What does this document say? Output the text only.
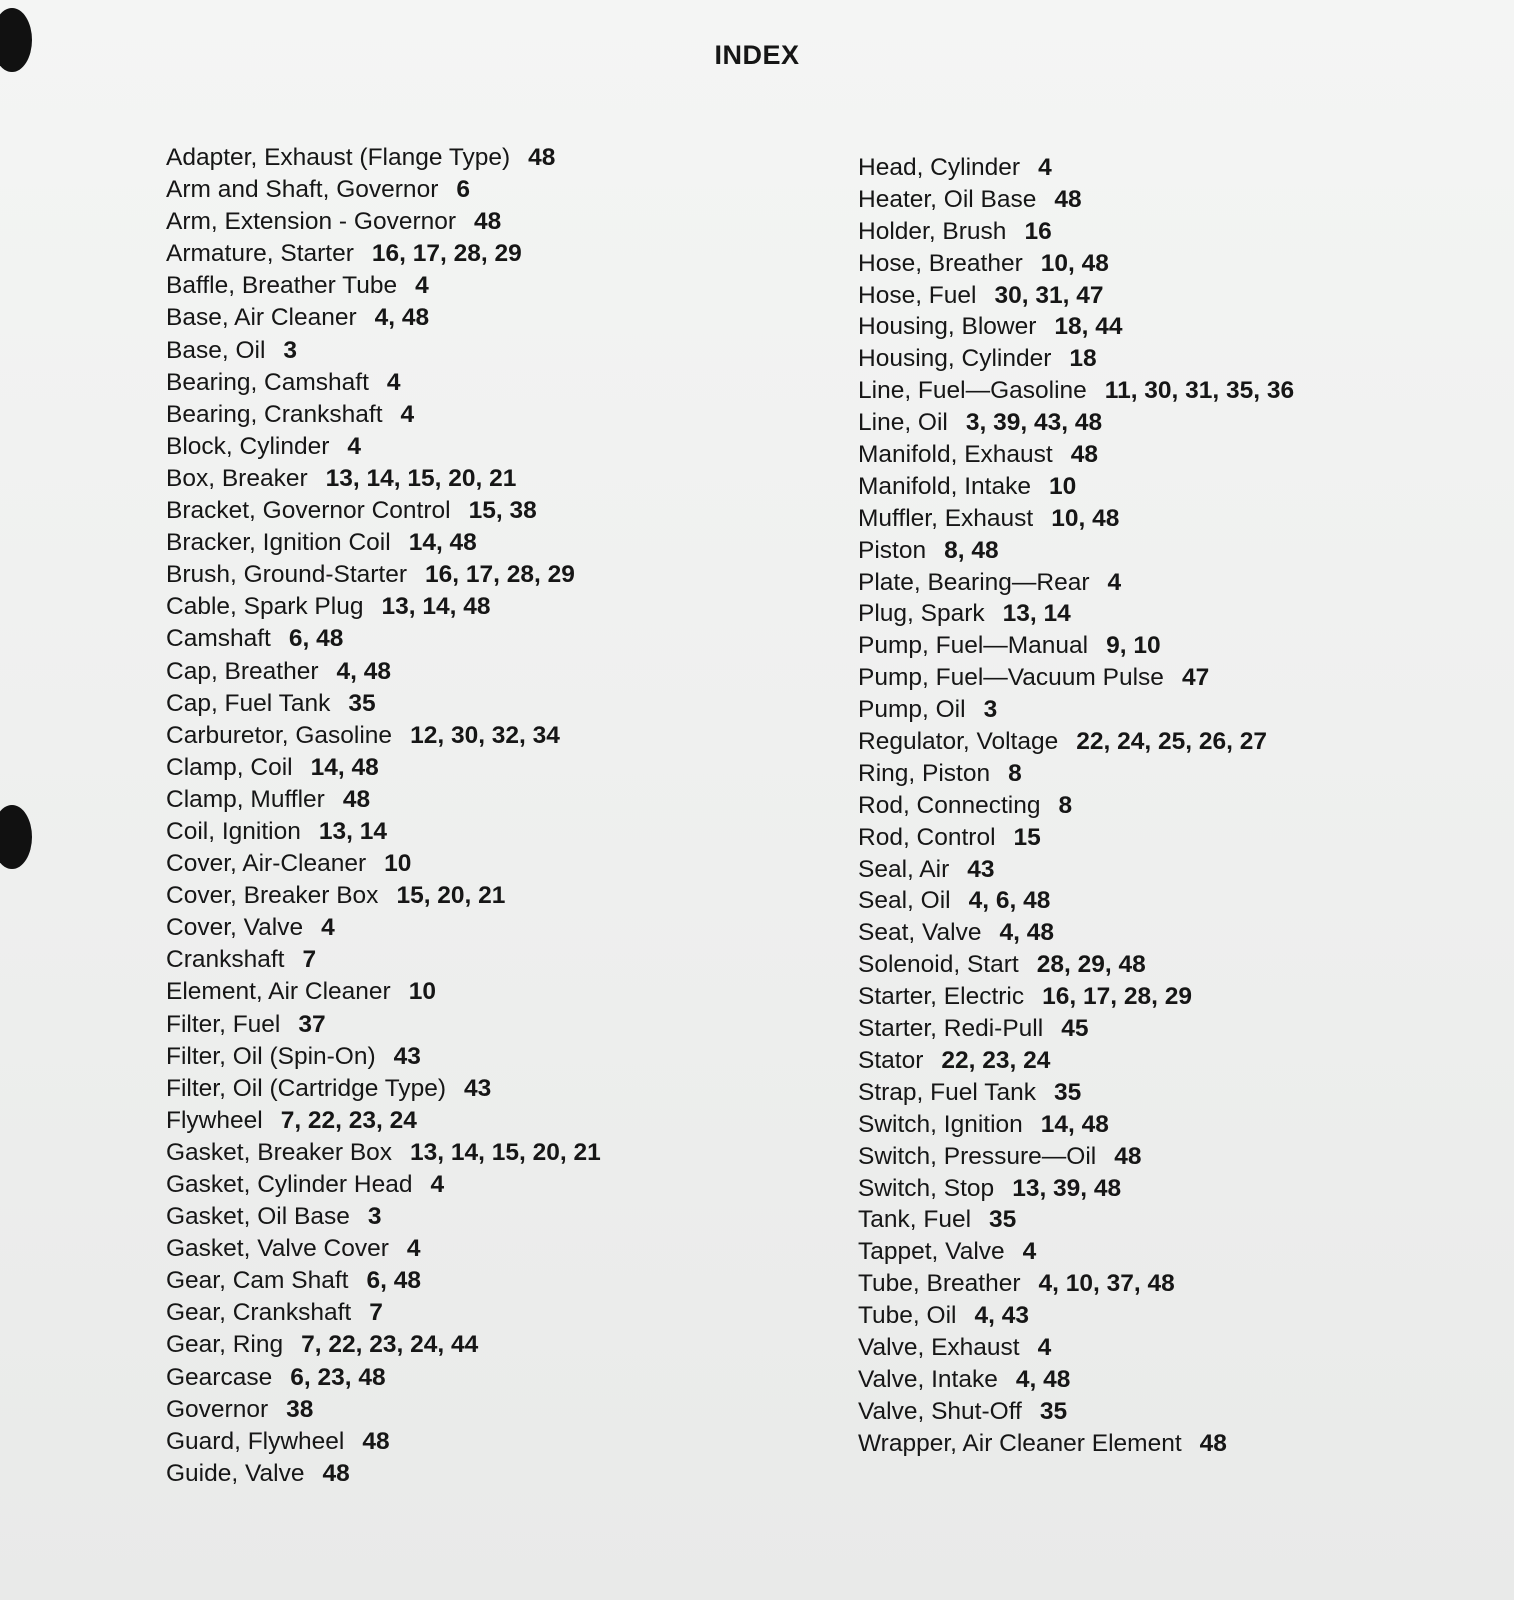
INDEX
Adapter, Exhaust (Flange Type) 48
Arm and Shaft, Governor 6
Arm, Extension - Governor 48
Armature, Starter 16, 17, 28, 29
Baffle, Breather Tube 4
Base, Air Cleaner 4, 48
Base, Oil 3
Bearing, Camshaft 4
Bearing, Crankshaft 4
Block, Cylinder 4
Box, Breaker 13, 14, 15, 20, 21
Bracket, Governor Control 15, 38
Bracker, Ignition Coil 14, 48
Brush, Ground-Starter 16, 17, 28, 29
Cable, Spark Plug 13, 14, 48
Camshaft 6, 48
Cap, Breather 4, 48
Cap, Fuel Tank 35
Carburetor, Gasoline 12, 30, 32, 34
Clamp, Coil 14, 48
Clamp, Muffler 48
Coil, Ignition 13, 14
Cover, Air-Cleaner 10
Cover, Breaker Box 15, 20, 21
Cover, Valve 4
Crankshaft 7
Element, Air Cleaner 10
Filter, Fuel 37
Filter, Oil (Spin-On) 43
Filter, Oil (Cartridge Type) 43
Flywheel 7, 22, 23, 24
Gasket, Breaker Box 13, 14, 15, 20, 21
Gasket, Cylinder Head 4
Gasket, Oil Base 3
Gasket, Valve Cover 4
Gear, Cam Shaft 6, 48
Gear, Crankshaft 7
Gear, Ring 7, 22, 23, 24, 44
Gearcase 6, 23, 48
Governor 38
Guard, Flywheel 48
Guide, Valve 48
Head, Cylinder 4
Heater, Oil Base 48
Holder, Brush 16
Hose, Breather 10, 48
Hose, Fuel 30, 31, 47
Housing, Blower 18, 44
Housing, Cylinder 18
Line, Fuel—Gasoline 11, 30, 31, 35, 36
Line, Oil 3, 39, 43, 48
Manifold, Exhaust 48
Manifold, Intake 10
Muffler, Exhaust 10, 48
Piston 8, 48
Plate, Bearing—Rear 4
Plug, Spark 13, 14
Pump, Fuel—Manual 9, 10
Pump, Fuel—Vacuum Pulse 47
Pump, Oil 3
Regulator, Voltage 22, 24, 25, 26, 27
Ring, Piston 8
Rod, Connecting 8
Rod, Control 15
Seal, Air 43
Seal, Oil 4, 6, 48
Seat, Valve 4, 48
Solenoid, Start 28, 29, 48
Starter, Electric 16, 17, 28, 29
Starter, Redi-Pull 45
Stator 22, 23, 24
Strap, Fuel Tank 35
Switch, Ignition 14, 48
Switch, Pressure—Oil 48
Switch, Stop 13, 39, 48
Tank, Fuel 35
Tappet, Valve 4
Tube, Breather 4, 10, 37, 48
Tube, Oil 4, 43
Valve, Exhaust 4
Valve, Intake 4, 48
Valve, Shut-Off 35
Wrapper, Air Cleaner Element 48
